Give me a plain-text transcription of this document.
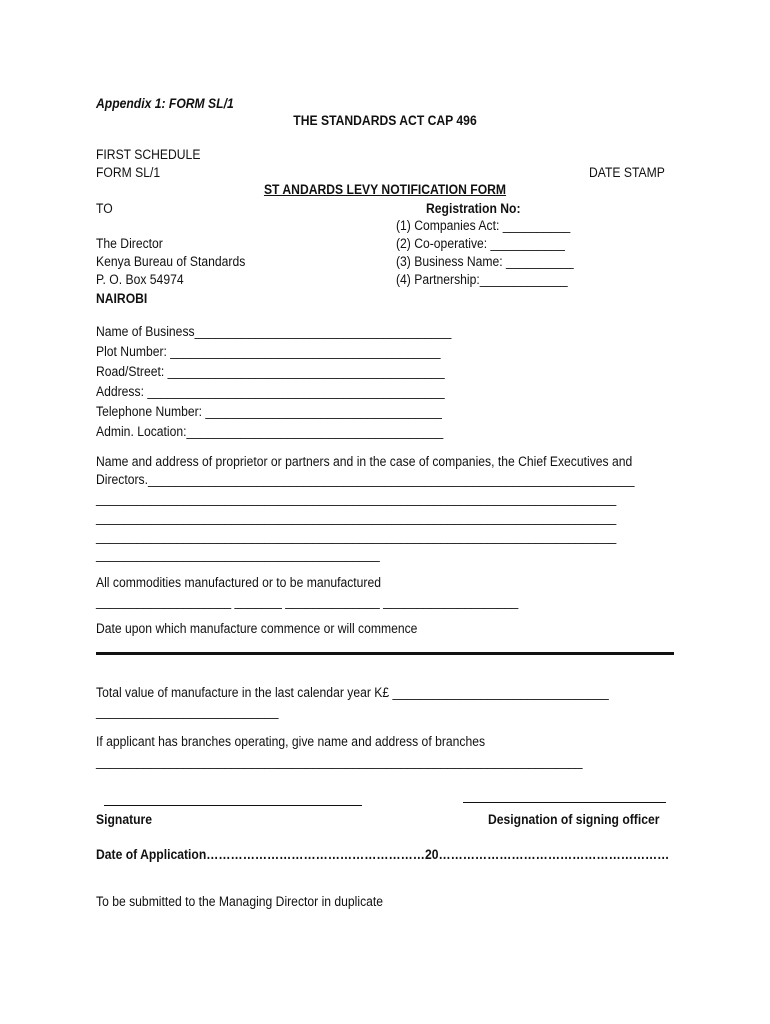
Appendix 1: FORM SL/1
THE STANDARDS ACT CAP 496
FIRST SCHEDULE
FORM SL/1	DATE STAMP
ST ANDARDS LEVY NOTIFICATION FORM
TO
The Director
Kenya Bureau of Standards
P. O. Box 54974
NAIROBI
Registration No:
(1) Companies Act: __________
(2) Co-operative: ___________
(3) Business Name: __________
(4) Partnership:_____________
Name of Business______________________________________
Plot Number: ________________________________________
Road/Street: _________________________________________
Address: ____________________________________________
Telephone Number: ___________________________________
Admin. Location:______________________________________
Name and address of proprietor or partners and in the case of companies, the Chief Executives and
Directors.________________________________________________________________________
_____________________________________________________________________________
_____________________________________________________________________________
_____________________________________________________________________________
__________________________________________
All commodities manufactured or to be manufactured
____________________ _______ ______________ ____________________
Date upon which manufacture commence or will commence
Total value of manufacture in the last calendar year K£ ________________________________
___________________________
If applicant has branches operating, give name and address of branches
________________________________________________________________________
Signature	Designation of signing officer
Date of Application………………………………………………20…………………………………………………
To be submitted to the Managing Director in duplicate
